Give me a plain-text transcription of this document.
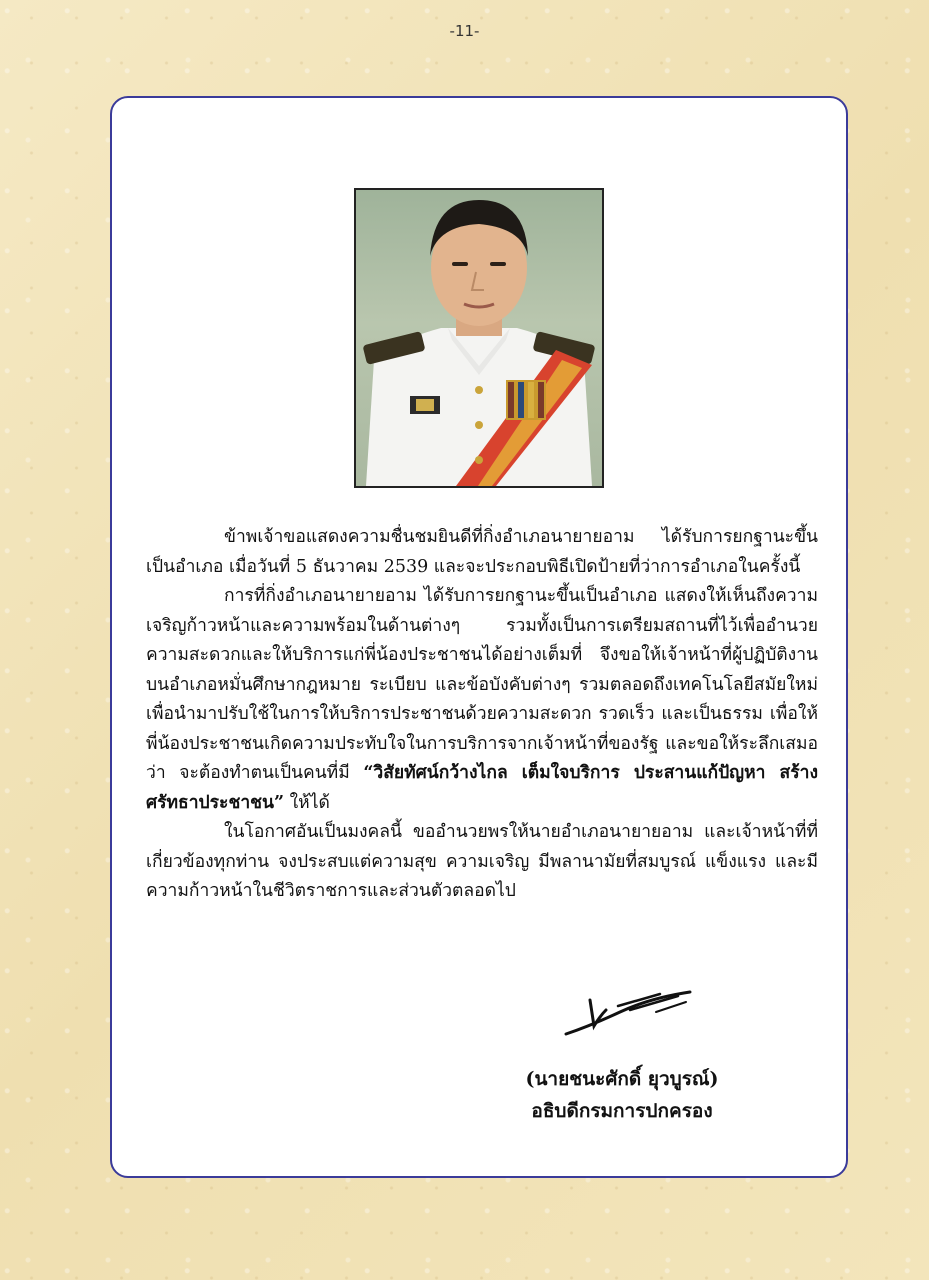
-11-

ข้าพเจ้าขอแสดงความชื่นชมยินดีที่กิ่งอำเภอนายายอาม ได้รับการยกฐานะขึ้นเป็นอำเภอ เมื่อวันที่ 5 ธันวาคม 2539 และจะประกอบพิธีเปิดป้ายที่ว่าการอำเภอในครั้งนี้

การที่กิ่งอำเภอนายายอาม ได้รับการยกฐานะขึ้นเป็นอำเภอ แสดงให้เห็นถึงความเจริญก้าวหน้าและความพร้อมในด้านต่างๆ รวมทั้งเป็นการเตรียมสถานที่ไว้เพื่ออำนวยความสะดวกและให้บริการแก่พี่น้องประชาชนได้อย่างเต็มที่ จึงขอให้เจ้าหน้าที่ผู้ปฏิบัติงานบนอำเภอหมั่นศึกษากฎหมาย ระเบียบ และข้อบังคับต่างๆ รวมตลอดถึงเทคโนโลยีสมัยใหม่ เพื่อนำมาปรับใช้ในการให้บริการประชาชนด้วยความสะดวก รวดเร็ว และเป็นธรรม เพื่อให้พี่น้องประชาชนเกิดความประทับใจในการบริการจากเจ้าหน้าที่ของรัฐ และขอให้ระลึกเสมอว่า จะต้องทำตนเป็นคนที่มี “วิสัยทัศน์กว้างไกล เต็มใจบริการ ประสานแก้ปัญหา สร้างศรัทธาประชาชน” ให้ได้

ในโอกาศอันเป็นมงคลนี้ ขออำนวยพรให้นายอำเภอนายายอาม และเจ้าหน้าที่ที่เกี่ยวข้องทุกท่าน จงประสบแต่ความสุข ความเจริญ มีพลานามัยที่สมบูรณ์ แข็งแรง และมีความก้าวหน้าในชีวิตราชการและส่วนตัวตลอดไป

(นายชนะศักดิ์ ยุวบูรณ์)
อธิบดีกรมการปกครอง
